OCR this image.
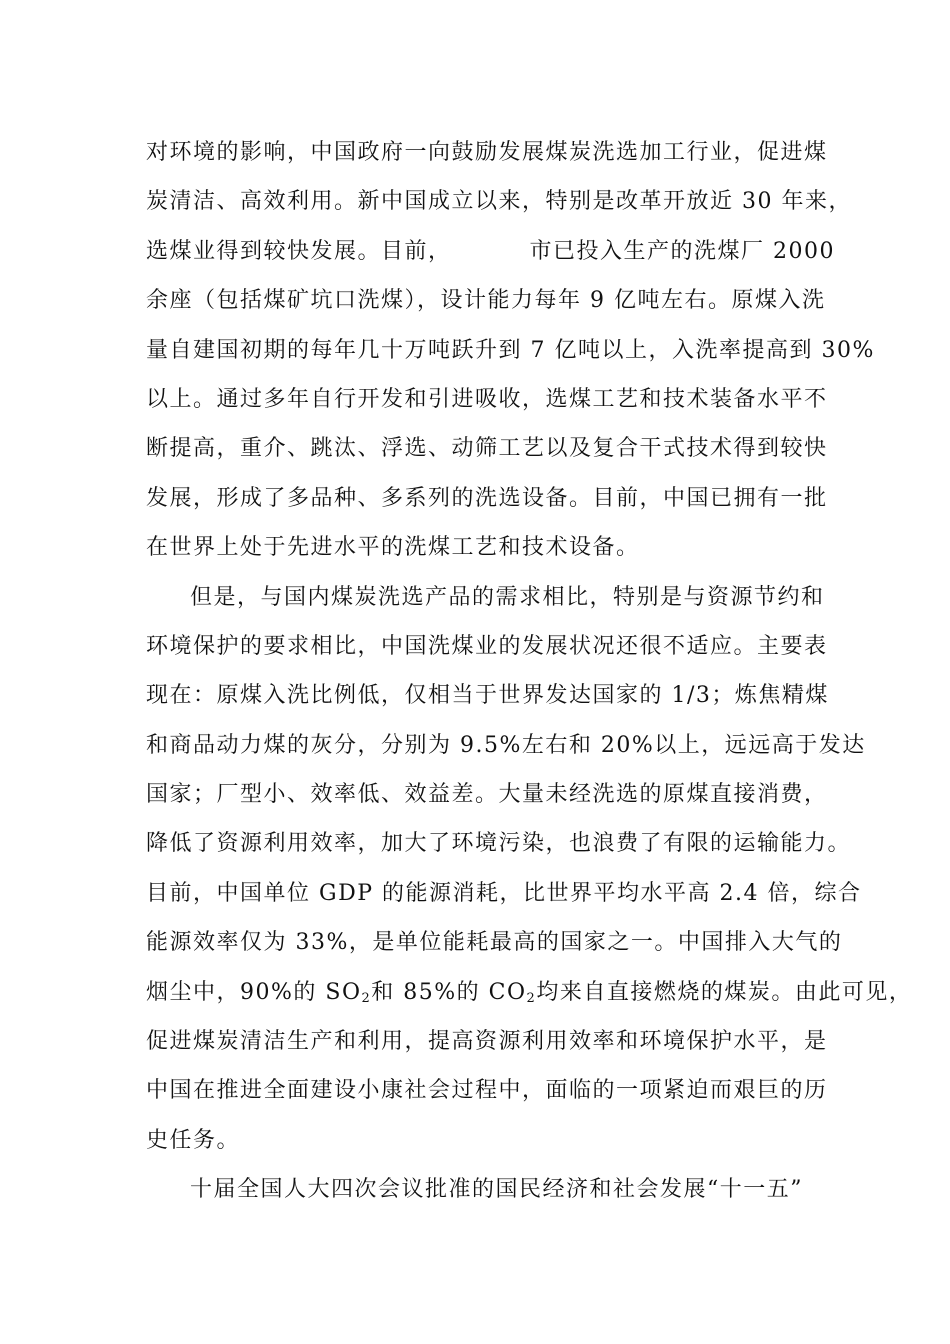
对环境的影响，中国政府一向鼓励发展煤炭洗选加工行业，促进煤
炭清洁、高效利用。新中国成立以来，特别是改革开放近 30 年来，
选煤业得到较快发展。目前，	市已投入生产的洗煤厂 2000
余座（包括煤矿坑口洗煤），设计能力每年 9 亿吨左右。原煤入洗
量自建国初期的每年几十万吨跃升到 7 亿吨以上，入洗率提高到 30%
以上。通过多年自行开发和引进吸收，选煤工艺和技术装备水平不
断提高，重介、跳汰、浮选、动筛工艺以及复合干式技术得到较快
发展，形成了多品种、多系列的洗选设备。目前，中国已拥有一批
在世界上处于先进水平的洗煤工艺和技术设备。
但是，与国内煤炭洗选产品的需求相比，特别是与资源节约和
环境保护的要求相比，中国洗煤业的发展状况还很不适应。主要表
现在：原煤入洗比例低，仅相当于世界发达国家的 1/3；炼焦精煤
和商品动力煤的灰分，分别为 9.5%左右和 20%以上，远远高于发达
国家；厂型小、效率低、效益差。大量未经洗选的原煤直接消费，
降低了资源利用效率，加大了环境污染，也浪费了有限的运输能力。
目前，中国单位 GDP 的能源消耗，比世界平均水平高 2.4 倍，综合
能源效率仅为 33%，是单位能耗最高的国家之一。中国排入大气的
烟尘中，90%的 $SO_2$和 85%的 $CO_2$均来自直接燃烧的煤炭。由此可见，
促进煤炭清洁生产和利用，提高资源利用效率和环境保护水平，是
中国在推进全面建设小康社会过程中，面临的一项紧迫而艰巨的历
史任务。
十届全国人大四次会议批准的国民经济和社会发展“十一五”
